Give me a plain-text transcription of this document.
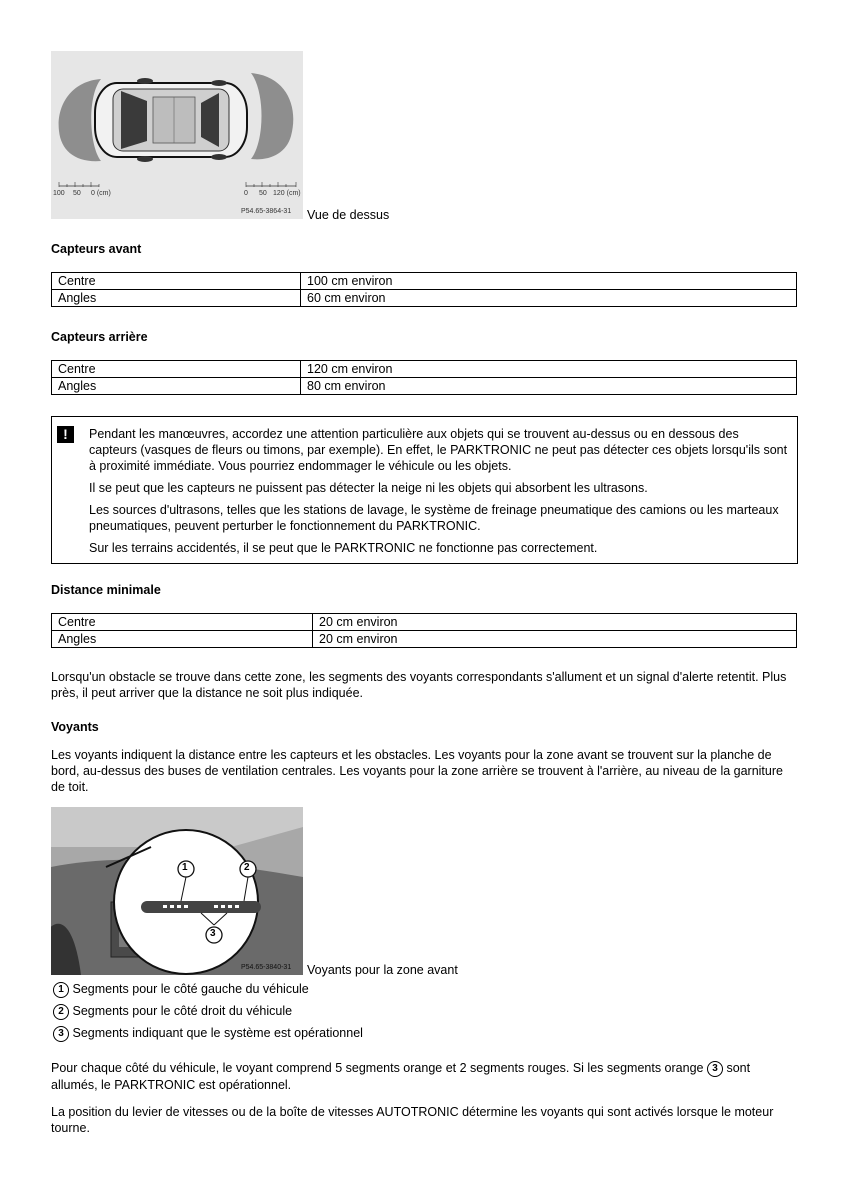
100 50 0 (cm)	0 50 120 (cm)
P54.65-3864-31 Vue de dessus
Capteurs avant
Centre	100 cm environ
Angles	60 cm environ
Capteurs arrière
Centre	120 cm environ
Angles	80 cm environ
!	Pendant les manœuvres, accordez une attention particulière aux objets qui se trouvent au-dessus ou en dessous des capteurs (vasques de fleurs ou timons, par exemple). En effet, le PARKTRONIC ne peut pas détecter ces objets lorsqu'ils sont à proximité immédiate. Vous pourriez endommager le véhicule ou les objets.

Il se peut que les capteurs ne puissent pas détecter la neige ni les objets qui absorbent les ultrasons.

Les sources d'ultrasons, telles que les stations de lavage, le système de freinage pneumatique des camions ou les marteaux pneumatiques, peuvent perturber le fonctionnement du PARKTRONIC.

Sur les terrains accidentés, il se peut que le PARKTRONIC ne fonctionne pas correctement.

Distance minimale
Centre	20 cm environ
Angles	20 cm environ

Lorsqu'un obstacle se trouve dans cette zone, les segments des voyants correspondants s'allument et un signal d'alerte retentit. Plus près, il peut arriver que la distance ne soit plus indiquée.

Voyants

Les voyants indiquent la distance entre les capteurs et les obstacles. Les voyants pour la zone avant se trouvent sur la planche de bord, au-dessus des buses de ventilation centrales. Les voyants pour la zone arrière se trouvent à l'arrière, au niveau de la garniture de toit.

1	2
3
P54.65-3840-31 Voyants pour la zone avant
1 Segments pour le côté gauche du véhicule
2 Segments pour le côté droit du véhicule
3 Segments indiquant que le système est opérationnel

Pour chaque côté du véhicule, le voyant comprend 5 segments orange et 2 segments rouges. Si les segments orange 3 sont allumés, le PARKTRONIC est opérationnel.

La position du levier de vitesses ou de la boîte de vitesses AUTOTRONIC détermine les voyants qui sont activés lorsque le moteur tourne.
